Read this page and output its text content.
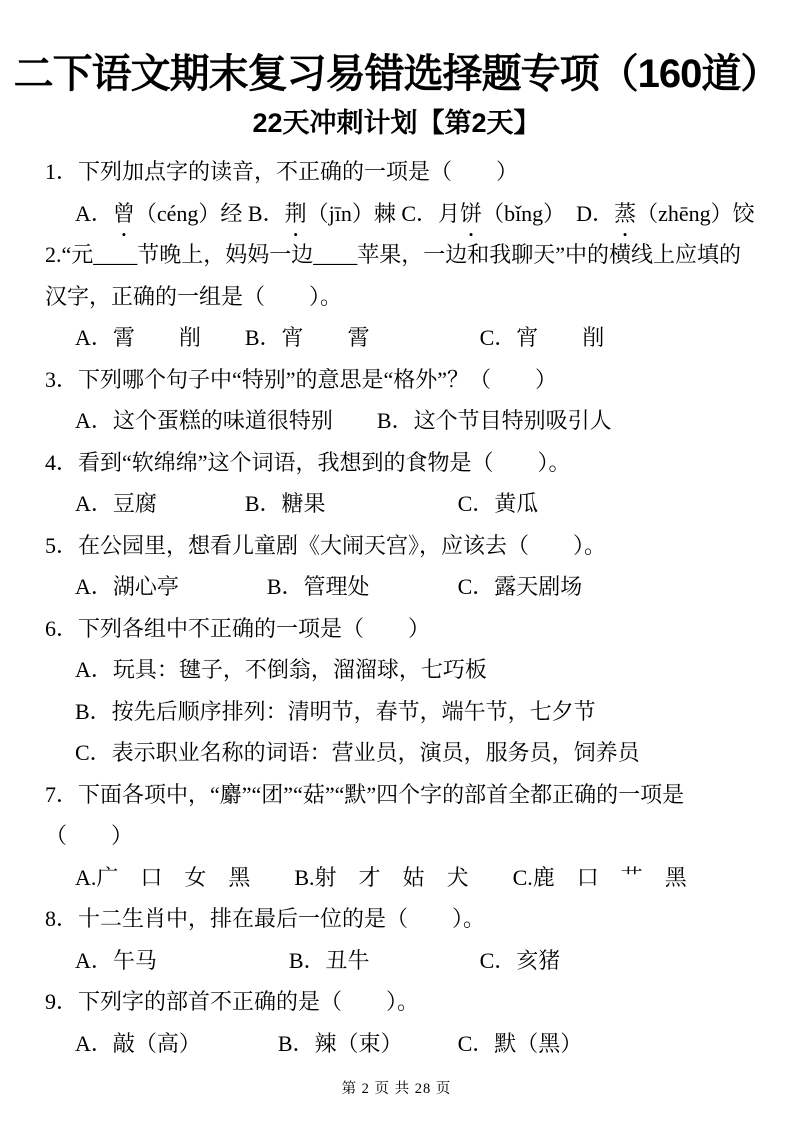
二下语文期末复习易错选择题专项（160道）
22天冲刺计划【第2天】
1．下列加点字的读音，不正确的一项是（　　）
A．曾（céng）经 B．荆（jīn）棘 C．月饼（bǐng）  D．蒸（zhēng）饺
2.“元____节晚上，妈妈一边____苹果，一边和我聊天”中的横线上应填的
汉字，正确的一组是（　　）。
A．霄　　削　　B．宵　　霄　　　　　C．宵　　削
3．下列哪个句子中“特别”的意思是“格外”？（　　）
A．这个蛋糕的味道很特别　　B．这个节目特别吸引人
4．看到“软绵绵”这个词语，我想到的食物是（　　）。
A．豆腐　　　　B．糖果　　　　　　C．黄瓜
5．在公园里，想看儿童剧《大闹天宫》，应该去（　　）。
A．湖心亭　　　　B．管理处　　　　C．露天剧场
6．下列各组中不正确的一项是（　　）
A．玩具：毽子，不倒翁，溜溜球，七巧板
B．按先后顺序排列：清明节，春节，端午节，七夕节
C．表示职业名称的词语：营业员，演员，服务员，饲养员
7．下面各项中，“麝”“团”“菇”“默”四个字的部首全都正确的一项是
（　　）
A.广　口　女　黑　　B.射　才　姑　犬　　C.鹿　口　艹　黑
8．十二生肖中，排在最后一位的是（　　）。
A．午马　　　　　　B．丑牛　　　　　C．亥猪
9．下列字的部首不正确的是（　　）。
A．敲（高）　　　　B．辣（束）　　　C．默（黑）
第 2 页 共 28 页
